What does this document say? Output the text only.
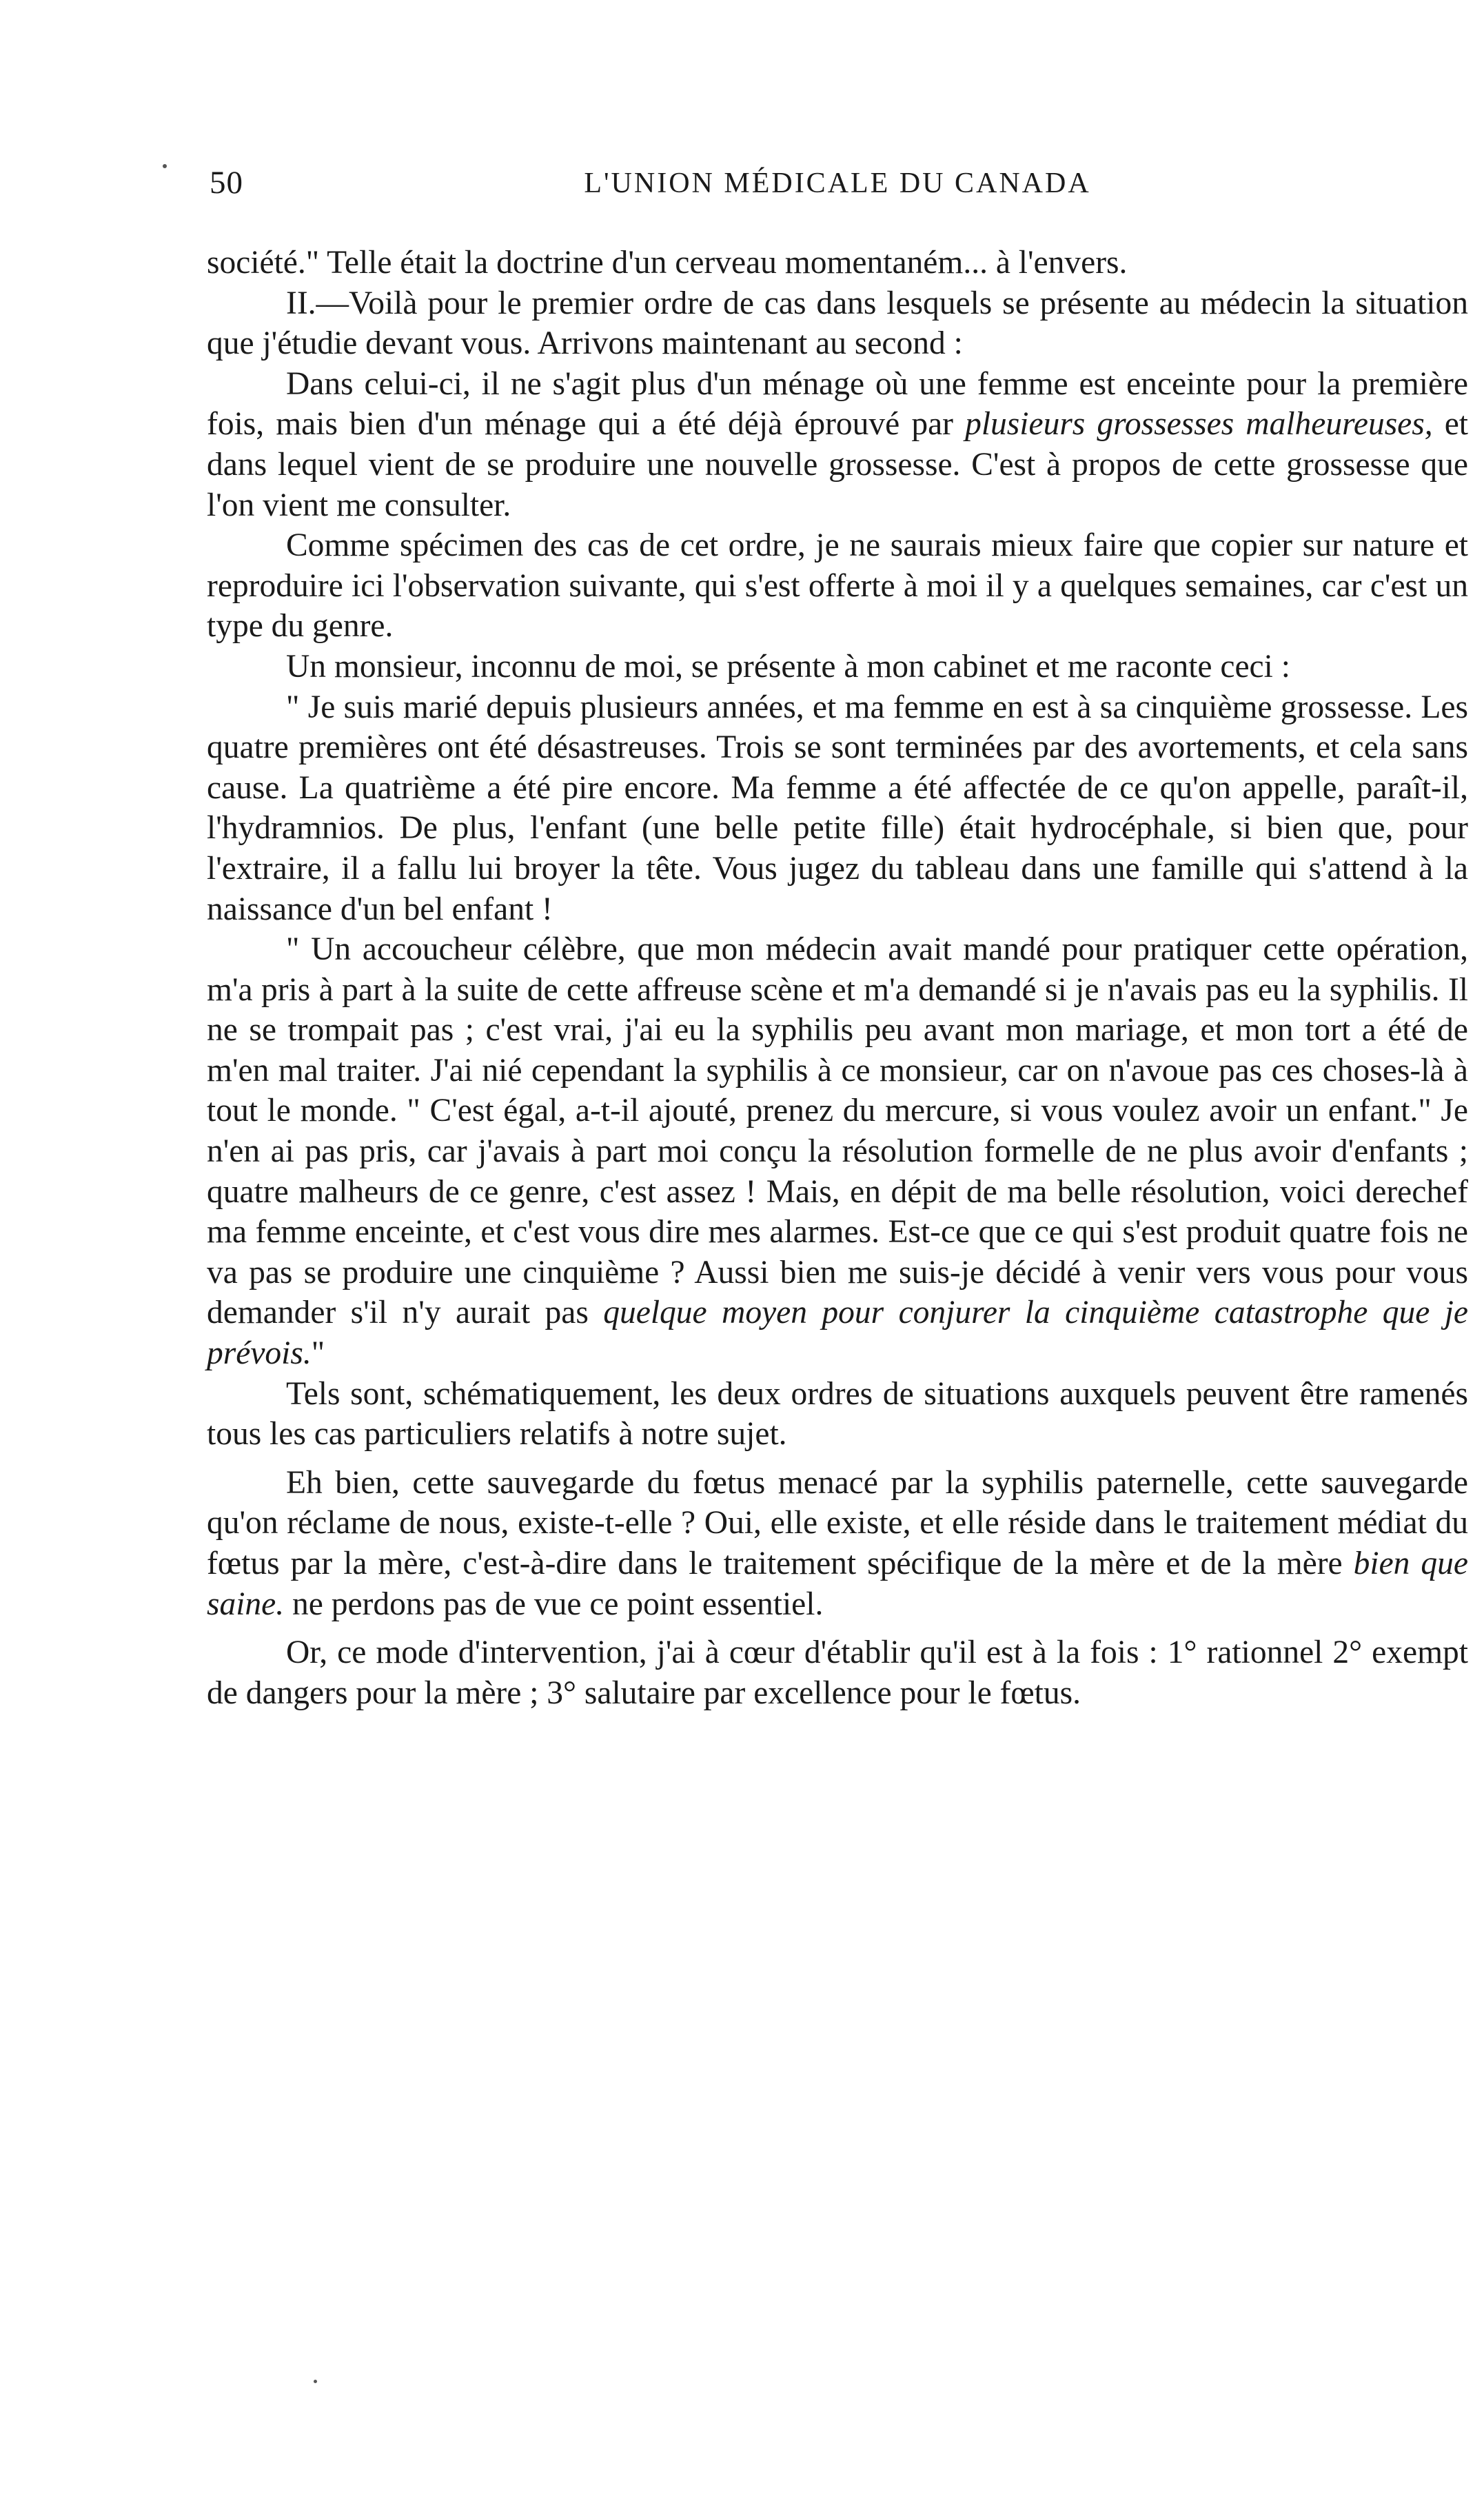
50	L'UNION MÉDICALE DU CANADA

société." Telle était la doctrine d'un cerveau momentaném... à l'envers.

II.—Voilà pour le premier ordre de cas dans lesquels se présente au médecin la situation que j'étudie devant vous. Arrivons maintenant au second :

Dans celui-ci, il ne s'agit plus d'un ménage où une femme est enceinte pour la première fois, mais bien d'un ménage qui a été déjà éprouvé par plusieurs grossesses malheureuses, et dans lequel vient de se produire une nouvelle grossesse. C'est à propos de cette grossesse que l'on vient me consulter.

Comme spécimen des cas de cet ordre, je ne saurais mieux faire que copier sur nature et reproduire ici l'observation suivante, qui s'est offerte à moi il y a quelques semaines, car c'est un type du genre.

Un monsieur, inconnu de moi, se présente à mon cabinet et me raconte ceci :

" Je suis marié depuis plusieurs années, et ma femme en est à sa cinquième grossesse. Les quatre premières ont été désastreuses. Trois se sont terminées par des avortements, et cela sans cause. La quatrième a été pire encore. Ma femme a été affectée de ce qu'on appelle, paraît-il, l'hydramnios. De plus, l'enfant (une belle petite fille) était hydrocéphale, si bien que, pour l'extraire, il a fallu lui broyer la tête. Vous jugez du tableau dans une famille qui s'attend à la naissance d'un bel enfant !

" Un accoucheur célèbre, que mon médecin avait mandé pour pratiquer cette opération, m'a pris à part à la suite de cette affreuse scène et m'a demandé si je n'avais pas eu la syphilis. Il ne se trompait pas ; c'est vrai, j'ai eu la syphilis peu avant mon mariage, et mon tort a été de m'en mal traiter. J'ai nié cependant la syphilis à ce monsieur, car on n'avoue pas ces choses-là à tout le monde. " C'est égal, a-t-il ajouté, prenez du mercure, si vous voulez avoir un enfant." Je n'en ai pas pris, car j'avais à part moi conçu la résolution formelle de ne plus avoir d'enfants ; quatre malheurs de ce genre, c'est assez ! Mais, en dépit de ma belle résolution, voici derechef ma femme enceinte, et c'est vous dire mes alarmes. Est-ce que ce qui s'est produit quatre fois ne va pas se produire une cinquième ? Aussi bien me suis-je décidé à venir vers vous pour vous demander s'il n'y aurait pas quelque moyen pour conjurer la cinquième catastrophe que je prévois."

Tels sont, schématiquement, les deux ordres de situations auxquels peuvent être ramenés tous les cas particuliers relatifs à notre sujet.

Eh bien, cette sauvegarde du fœtus menacé par la syphilis paternelle, cette sauvegarde qu'on réclame de nous, existe-t-elle ? Oui, elle existe, et elle réside dans le traitement médiat du fœtus par la mère, c'est-à-dire dans le traitement spécifique de la mère et de la mère bien que saine. ne perdons pas de vue ce point essentiel.

Or, ce mode d'intervention, j'ai à cœur d'établir qu'il est à la fois : 1° rationnel 2° exempt de dangers pour la mère ; 3° salutaire par excellence pour le fœtus.
